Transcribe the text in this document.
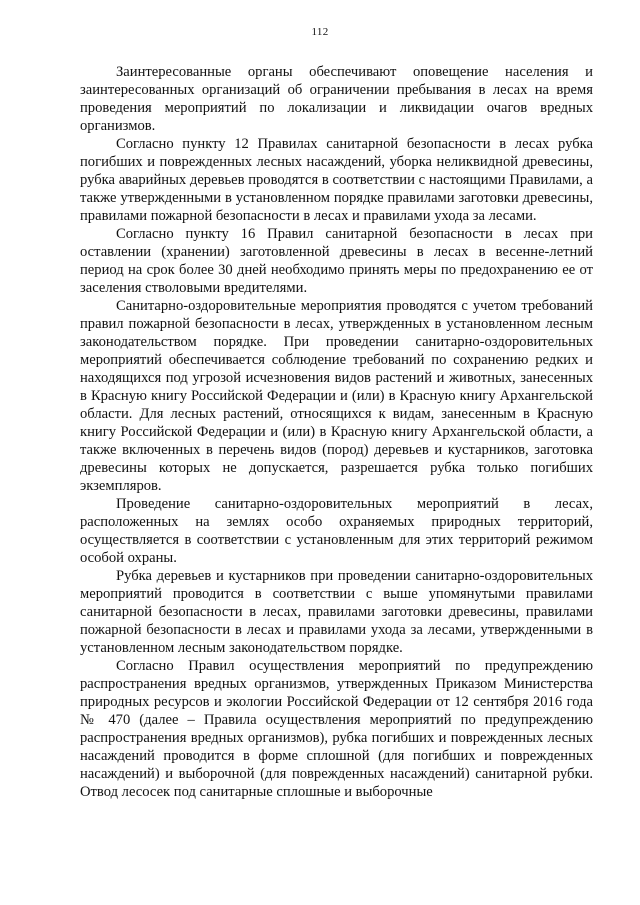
112

Заинтересованные органы обеспечивают оповещение населения и заинтересованных организаций об ограничении пребывания в лесах на время проведения мероприятий по локализации и ликвидации очагов вредных организмов.

Согласно пункту 12 Правилах санитарной безопасности в лесах рубка погибших и поврежденных лесных насаждений, уборка неликвидной древесины, рубка аварийных деревьев проводятся в соответствии с настоящими Правилами, а также утвержденными в установленном порядке правилами заготовки древесины, правилами пожарной безопасности в лесах и правилами ухода за лесами.

Согласно пункту 16 Правил санитарной безопасности в лесах при оставлении (хранении) заготовленной древесины в лесах в весенне-летний период на срок более 30 дней необходимо принять меры по предохранению ее от заселения стволовыми вредителями.

Санитарно-оздоровительные мероприятия проводятся с учетом требований правил пожарной безопасности в лесах, утвержденных в установленном лесным законодательством порядке. При проведении санитарно-оздоровительных мероприятий обеспечивается соблюдение требований по сохранению редких и находящихся под угрозой исчезновения видов растений и животных, занесенных в Красную книгу Российской Федерации и (или) в Красную книгу Архангельской области. Для лесных растений, относящихся к видам, занесенным в Красную книгу Российской Федерации и (или) в Красную книгу Архангельской области, а также включенных в перечень видов (пород) деревьев и кустарников, заготовка древесины которых не допускается, разрешается рубка только погибших экземпляров.

Проведение санитарно-оздоровительных мероприятий в лесах, расположенных на землях особо охраняемых природных территорий, осуществляется в соответствии с установленным для этих территорий режимом особой охраны.

Рубка деревьев и кустарников при проведении санитарно-оздоровительных мероприятий проводится в соответствии с выше упомянутыми правилами санитарной безопасности в лесах, правилами заготовки древесины, правилами пожарной безопасности в лесах и правилами ухода за лесами, утвержденными в установленном лесным законодательством порядке.

Согласно Правил осуществления мероприятий по предупреждению распространения вредных организмов, утвержденных Приказом Министерства природных ресурсов и экологии Российской Федерации от 12 сентября 2016 года № 470 (далее – Правила осуществления мероприятий по предупреждению распространения вредных организмов), рубка погибших и поврежденных лесных насаждений проводится в форме сплошной (для погибших и поврежденных насаждений) и выборочной (для поврежденных насаждений) санитарной рубки. Отвод лесосек под санитарные сплошные и выборочные
